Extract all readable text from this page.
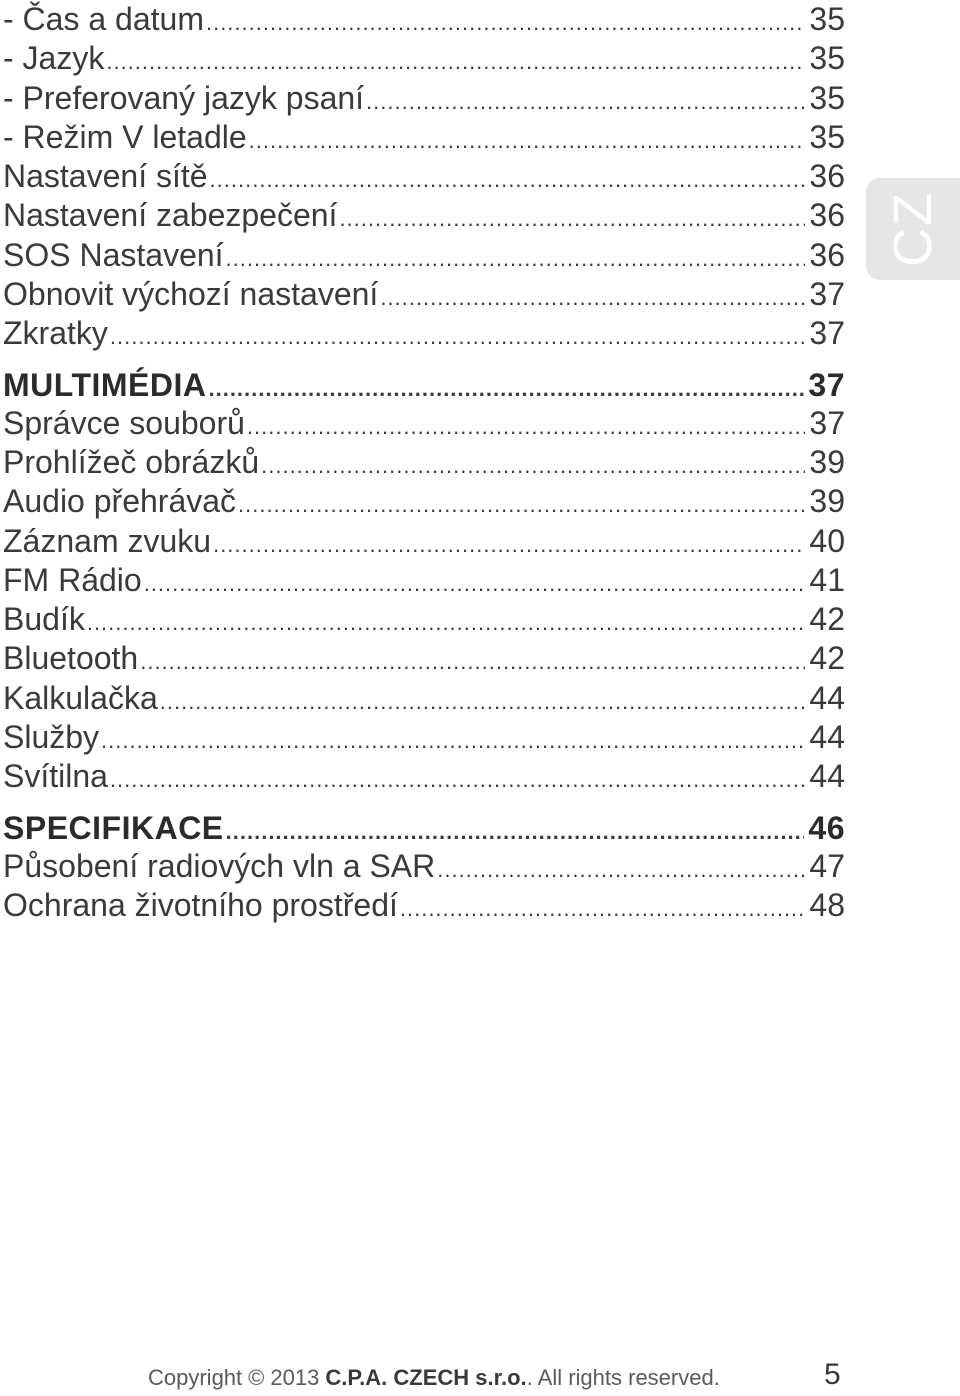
- Čas a datum .....	35
- Jazyk .....	35
- Preferovaný jazyk psaní .....	35
- Režim V letadle .....	35
Nastavení sítě .....	36
Nastavení zabezpečení .....	36
SOS Nastavení .....	36
Obnovit výchozí nastavení .....	37
Zkratky .....	37
MULTIMÉDIA .....	37
Správce souborů .....	37
Prohlížeč obrázků .....	39
Audio přehrávač .....	39
Záznam zvuku .....	40
FM Rádio .....	41
Budík .....	42
Bluetooth .....	42
Kalkulačka .....	44
Služby .....	44
Svítilna .....	44
SPECIFIKACE .....	46
Působení radiových vln a SAR .....	47
Ochrana životního prostředí .....	48
CZ
Copyright © 2013 C.P.A. CZECH s.r.o. . All rights reserved.	5
